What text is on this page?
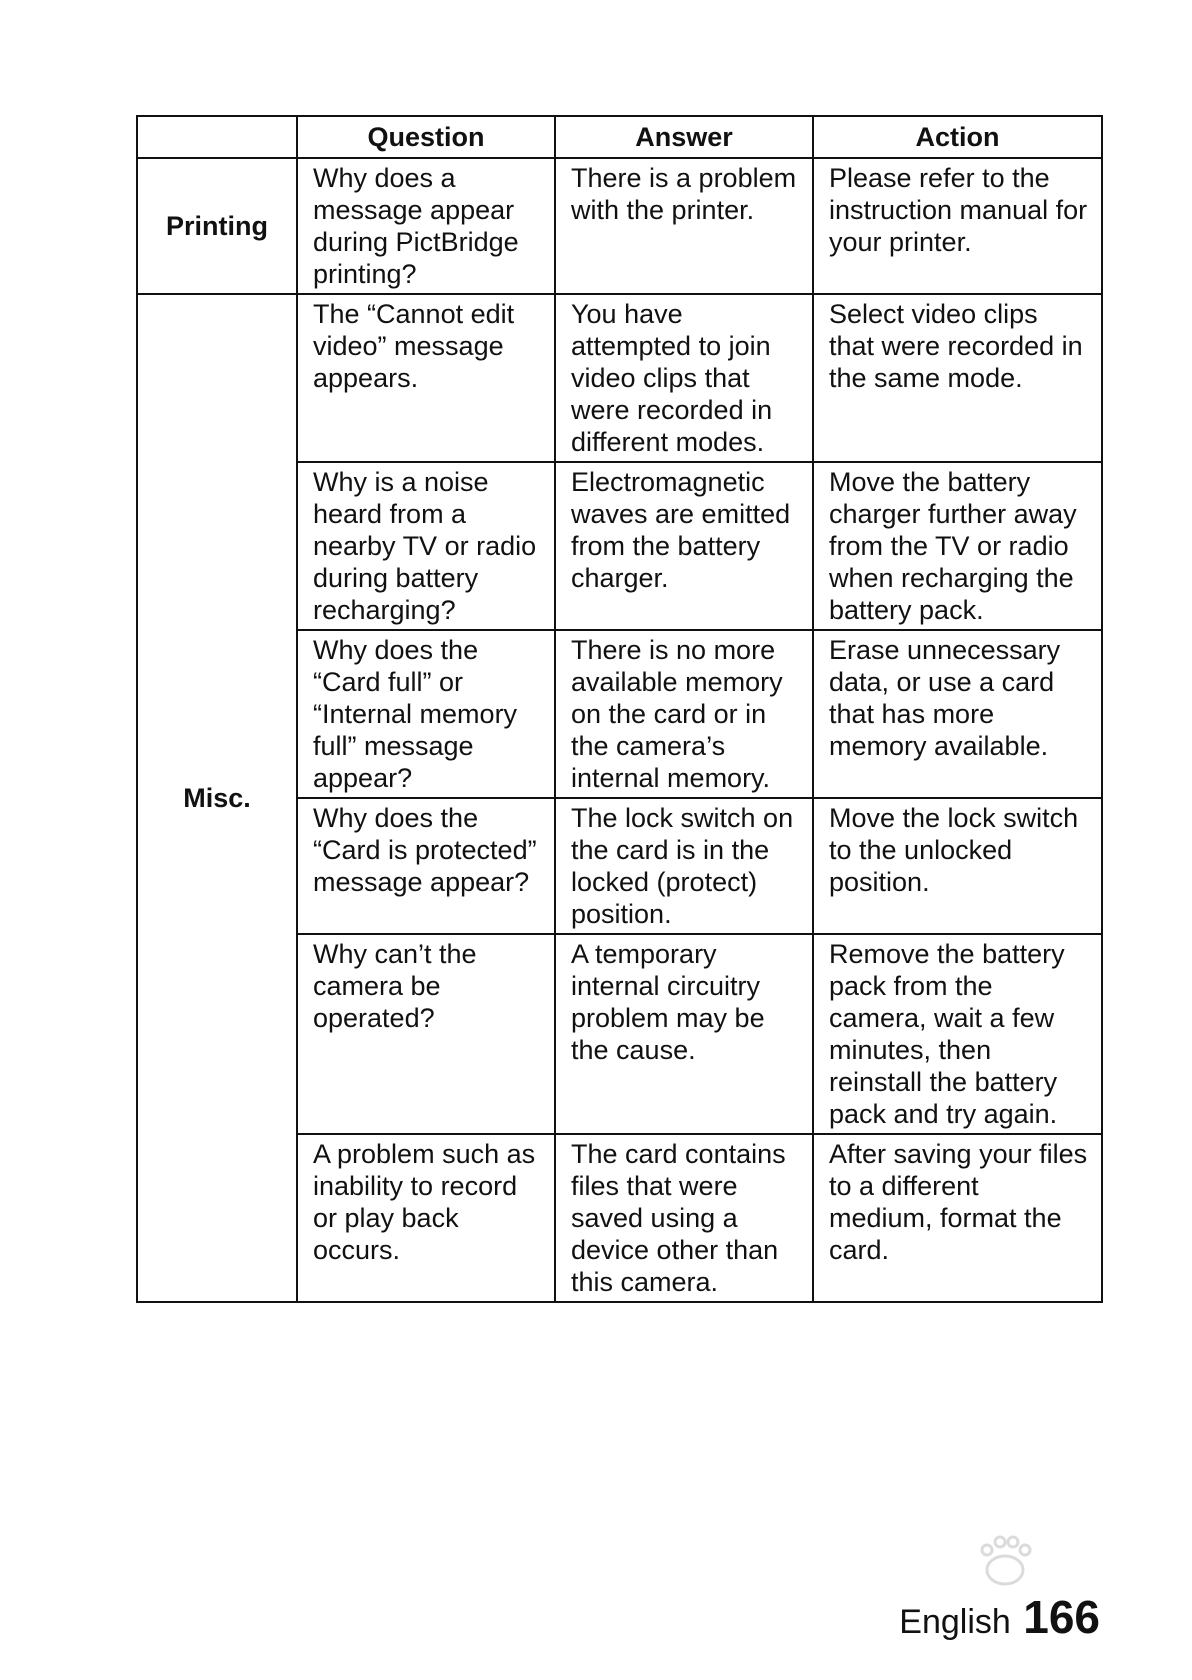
	Question	Answer	Action
Printing	Why does a message appear during PictBridge printing?	There is a problem with the printer.	Please refer to the instruction manual for your printer.
Misc.	The “Cannot edit video” message appears.	You have attempted to join video clips that were recorded in different modes.	Select video clips that were recorded in the same mode.
	Why is a noise heard from a nearby TV or radio during battery recharging?	Electromagnetic waves are emitted from the battery charger.	Move the battery charger further away from the TV or radio when recharging the battery pack.
	Why does the “Card full” or “Internal memory full” message appear?	There is no more available memory on the card or in the camera’s internal memory.	Erase unnecessary data, or use a card that has more memory available.
	Why does the “Card is protected” message appear?	The lock switch on the card is in the locked (protect) position.	Move the lock switch to the unlocked position.
	Why can’t the camera be operated?	A temporary internal circuitry problem may be the cause.	Remove the battery pack from the camera, wait a few minutes, then reinstall the battery pack and try again.
	A problem such as inability to record or play back occurs.	The card contains files that were saved using a device other than this camera.	After saving your files to a different medium, format the card.
English 166
